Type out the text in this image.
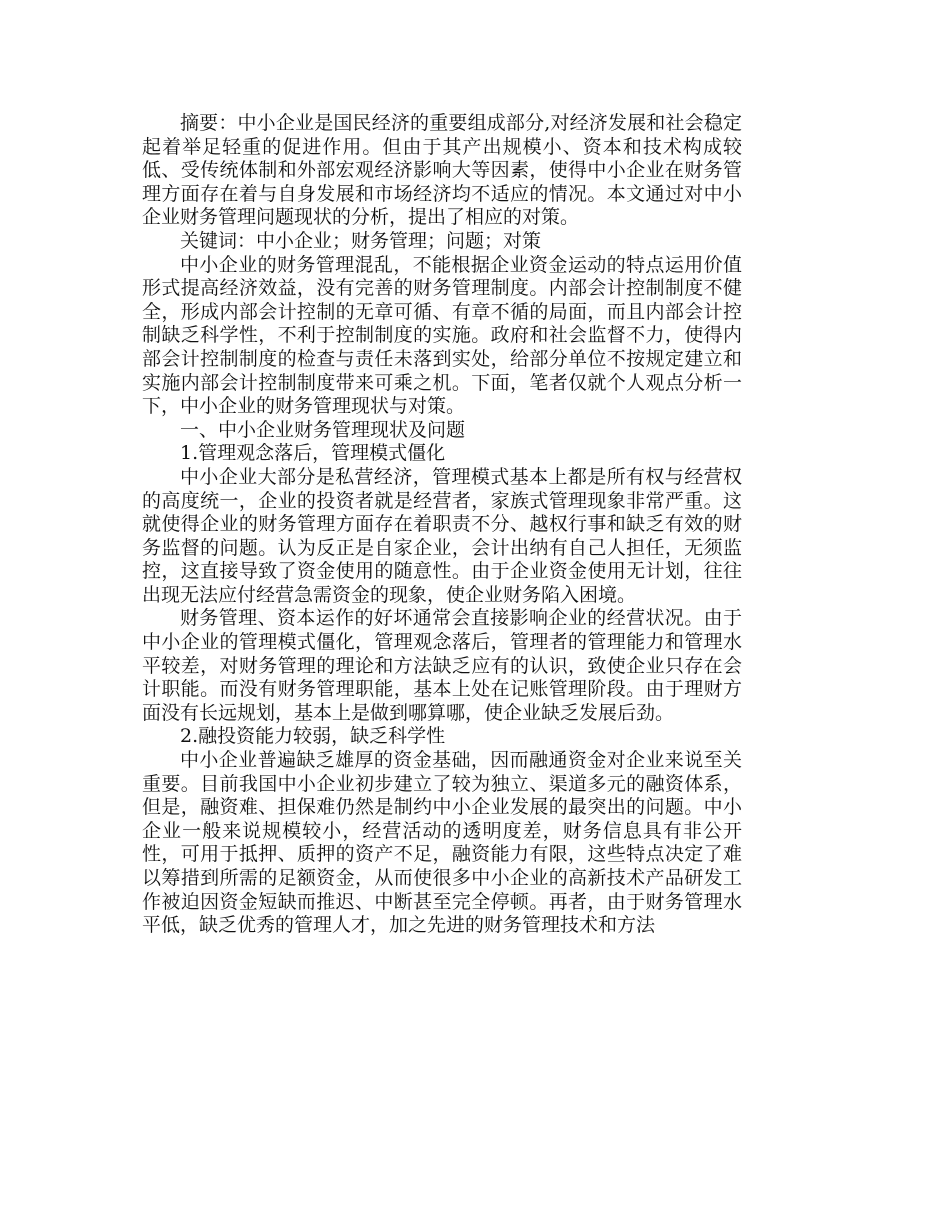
摘要：中小企业是国民经济的重要组成部分,对经济发展和社会稳定起着举足轻重的促进作用。但由于其产出规模小、资本和技术构成较低、受传统体制和外部宏观经济影响大等因素，使得中小企业在财务管理方面存在着与自身发展和市场经济均不适应的情况。本文通过对中小企业财务管理问题现状的分析，提出了相应的对策。

关键词：中小企业；财务管理；问题；对策

中小企业的财务管理混乱，不能根据企业资金运动的特点运用价值形式提高经济效益，没有完善的财务管理制度。内部会计控制制度不健全，形成内部会计控制的无章可循、有章不循的局面，而且内部会计控制缺乏科学性，不利于控制制度的实施。政府和社会监督不力，使得内部会计控制制度的检查与责任未落到实处，给部分单位不按规定建立和实施内部会计控制制度带来可乘之机。下面，笔者仅就个人观点分析一下，中小企业的财务管理现状与对策。

一、中小企业财务管理现状及问题

1.管理观念落后，管理模式僵化

中小企业大部分是私营经济，管理模式基本上都是所有权与经营权的高度统一，企业的投资者就是经营者，家族式管理现象非常严重。这就使得企业的财务管理方面存在着职责不分、越权行事和缺乏有效的财务监督的问题。认为反正是自家企业，会计出纳有自己人担任，无须监控，这直接导致了资金使用的随意性。由于企业资金使用无计划，往往出现无法应付经营急需资金的现象，使企业财务陷入困境。

财务管理、资本运作的好坏通常会直接影响企业的经营状况。由于中小企业的管理模式僵化，管理观念落后，管理者的管理能力和管理水平较差，对财务管理的理论和方法缺乏应有的认识，致使企业只存在会计职能。而没有财务管理职能，基本上处在记账管理阶段。由于理财方面没有长远规划，基本上是做到哪算哪，使企业缺乏发展后劲。

2.融投资能力较弱，缺乏科学性

中小企业普遍缺乏雄厚的资金基础，因而融通资金对企业来说至关重要。目前我国中小企业初步建立了较为独立、渠道多元的融资体系，但是，融资难、担保难仍然是制约中小企业发展的最突出的问题。中小企业一般来说规模较小，经营活动的透明度差，财务信息具有非公开性，可用于抵押、质押的资产不足，融资能力有限，这些特点决定了难以筹措到所需的足额资金，从而使很多中小企业的高新技术产品研发工作被迫因资金短缺而推迟、中断甚至完全停顿。再者，由于财务管理水平低，缺乏优秀的管理人才，加之先进的财务管理技术和方法
